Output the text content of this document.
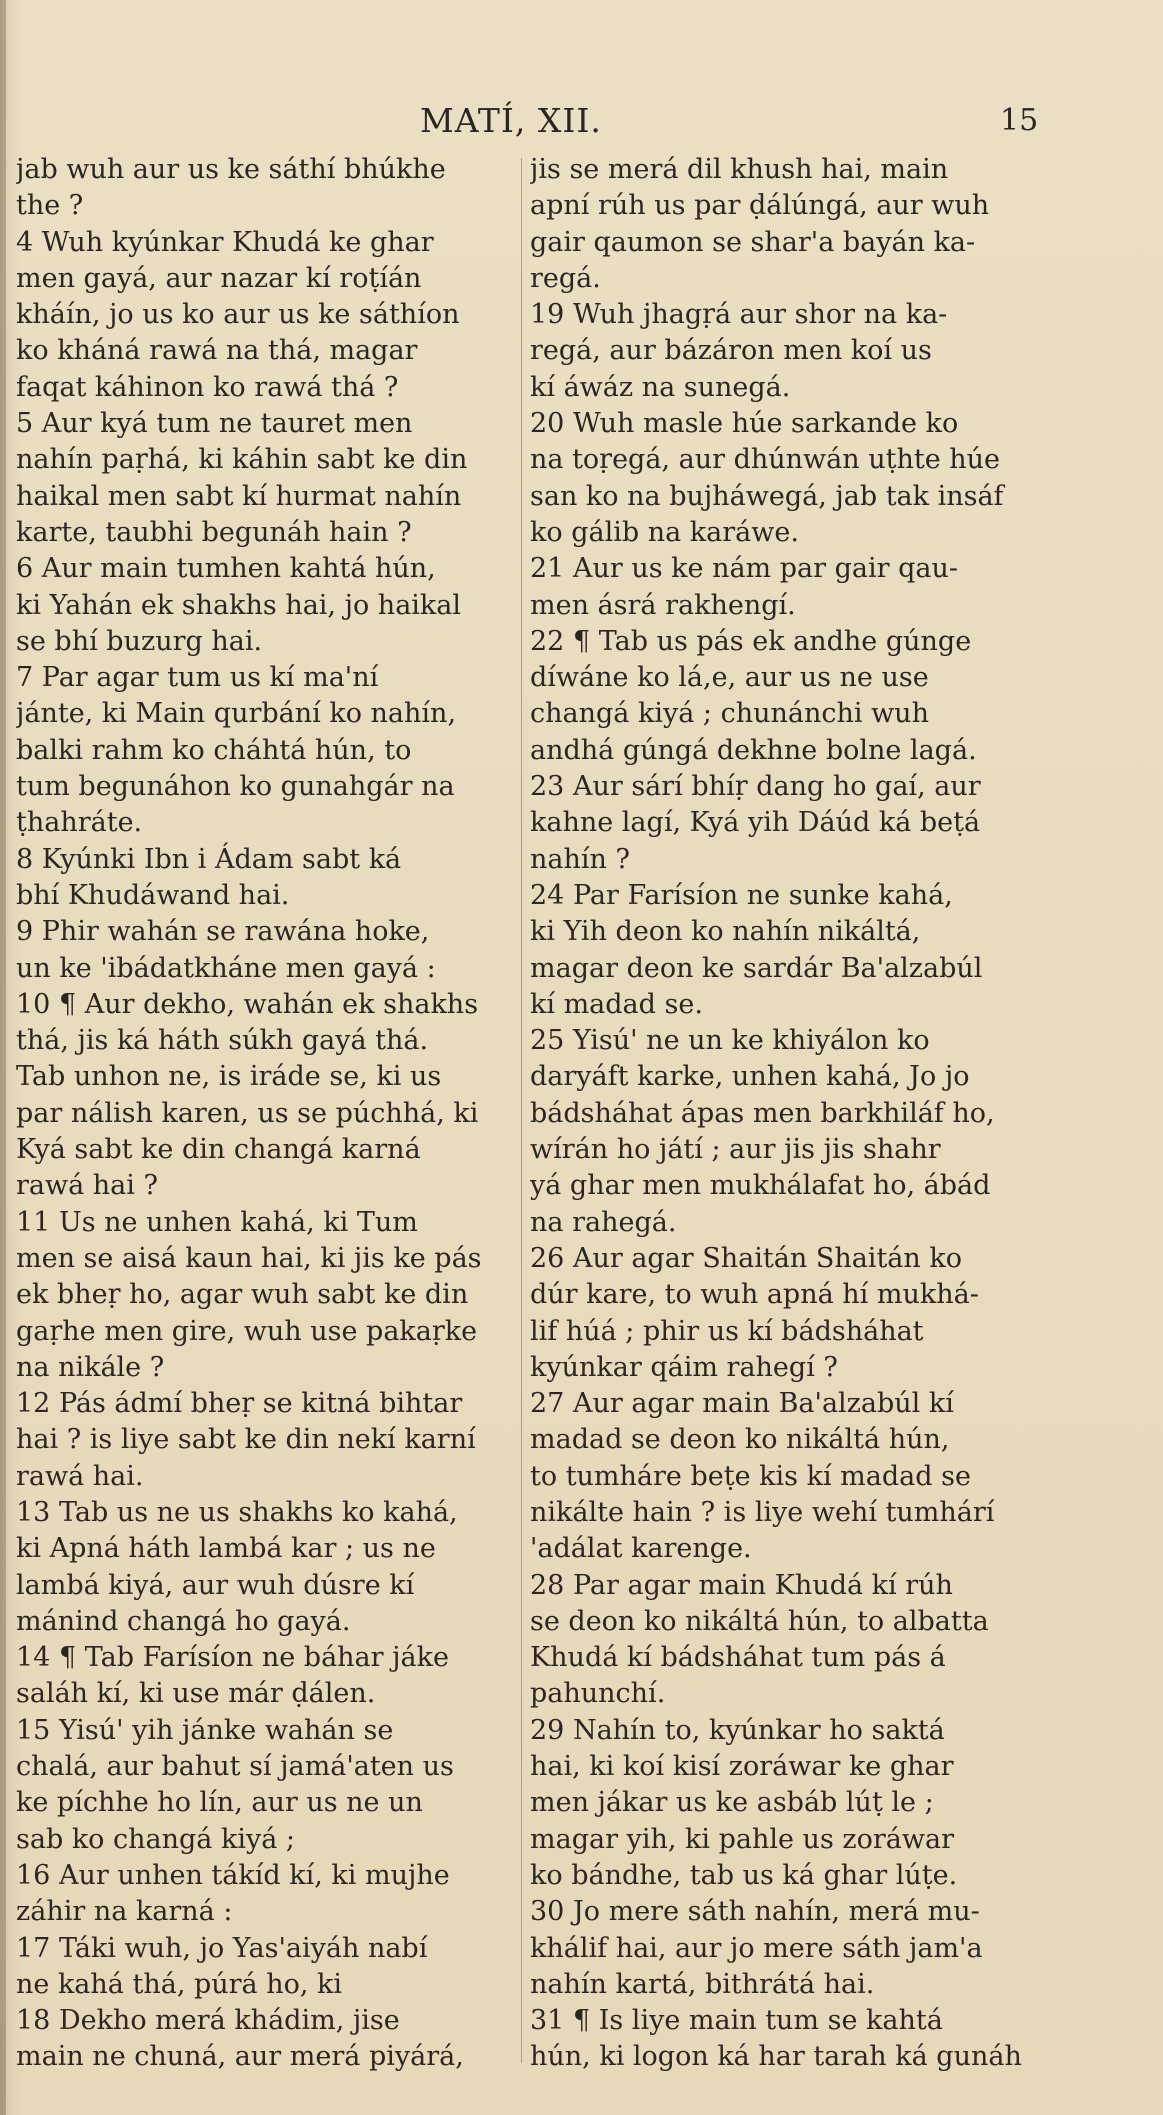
MATÍ, XII.	15
jab wuh aur us ke sáthí bhúkhe
the ?
4 Wuh kyúnkar Khudá ke ghar
men gayá, aur nazar kí roṭíán
kháín, jo us ko aur us ke sáthíon
ko kháná rawá na thá, magar
faqat káhinon ko rawá thá ?
5 Aur kyá tum ne tauret men
nahín paṛhá, ki káhin sabt ke din
haikal men sabt kí hurmat nahín
karte, taubhi begunáh hain ?
6 Aur main tumhen kahtá hún,
ki Yahán ek shakhs hai, jo haikal
se bhí buzurg hai.
7 Par agar tum us kí ma'ní
jánte, ki Main qurbání ko nahín,
balki rahm ko cháhtá hún, to
tum begunáhon ko gunahgár na
ṭhahráte.
8 Kyúnki Ibn i Ádam sabt ká
bhí Khudáwand hai.
9 Phir wahán se rawána hoke,
un ke 'ibádatkháne men gayá :
10 ¶ Aur dekho, wahán ek shakhs
thá, jis ká háth súkh gayá thá.
Tab unhon ne, is iráde se, ki us
par nálish karen, us se púchhá, ki
Kyá sabt ke din changá karná
rawá hai ?
11 Us ne unhen kahá, ki Tum
men se aisá kaun hai, ki jis ke pás
ek bheṛ ho, agar wuh sabt ke din
gaṛhe men gire, wuh use pakaṛke
na nikále ?
12 Pás ádmí bheṛ se kitná bihtar
hai ? is liye sabt ke din nekí karní
rawá hai.
13 Tab us ne us shakhs ko kahá,
ki Apná háth lambá kar ; us ne
lambá kiyá, aur wuh dúsre kí
mánind changá ho gayá.
14 ¶ Tab Farísíon ne báhar jáke
saláh kí, ki use már ḍálen.
15 Yisú' yih jánke wahán se
chalá, aur bahut sí jamá'aten us
ke píchhe ho lín, aur us ne un
sab ko changá kiyá ;
16 Aur unhen tákíd kí, ki mujhe
záhir na karná :
17 Táki wuh, jo Yas'aiyáh nabí
ne kahá thá, púrá ho, ki
18 Dekho merá khádim, jise
main ne chuná, aur merá piyárá,
jis se merá dil khush hai, main
apní rúh us par ḍálúngá, aur wuh
gair qaumon se shar'a bayán ka-
regá.
19 Wuh jhagṛá aur shor na ka-
regá, aur bázáron men koí us
kí áwáz na sunegá.
20 Wuh masle húe sarkande ko
na toṛegá, aur dhúnwán uṭhte húe
san ko na bujháwegá, jab tak insáf
ko gálib na karáwe.
21 Aur us ke nám par gair qau-
men ásrá rakhengí.
22 ¶ Tab us pás ek andhe gúnge
díwáne ko lá,e, aur us ne use
changá kiyá ; chunánchi wuh
andhá gúngá dekhne bolne lagá.
23 Aur sárí bhíṛ dang ho gaí, aur
kahne lagí, Kyá yih Dáúd ká beṭá
nahín ?
24 Par Farísíon ne sunke kahá,
ki Yih deon ko nahín nikáltá,
magar deon ke sardár Ba'alzabúl
kí madad se.
25 Yisú' ne un ke khiyálon ko
daryáft karke, unhen kahá, Jo jo
bádsháhat ápas men barkhiláf ho,
wírán ho játí ; aur jis jis shahr
yá ghar men mukhálafat ho, ábád
na rahegá.
26 Aur agar Shaitán Shaitán ko
dúr kare, to wuh apná hí mukhá-
lif húá ; phir us kí bádsháhat
kyúnkar qáim rahegí ?
27 Aur agar main Ba'alzabúl kí
madad se deon ko nikáltá hún,
to tumháre beṭe kis kí madad se
nikálte hain ? is liye wehí tumhárí
'adálat karenge.
28 Par agar main Khudá kí rúh
se deon ko nikáltá hún, to albatta
Khudá kí bádsháhat tum pás á
pahunchí.
29 Nahín to, kyúnkar ho saktá
hai, ki koí kisí zoráwar ke ghar
men jákar us ke asbáb lúṭ le ;
magar yih, ki pahle us zoráwar
ko bándhe, tab us ká ghar lúṭe.
30 Jo mere sáth nahín, merá mu-
khálif hai, aur jo mere sáth jam'a
nahín kartá, bithrátá hai.
31 ¶ Is liye main tum se kahtá
hún, ki logon ká har tarah ká gunáh
